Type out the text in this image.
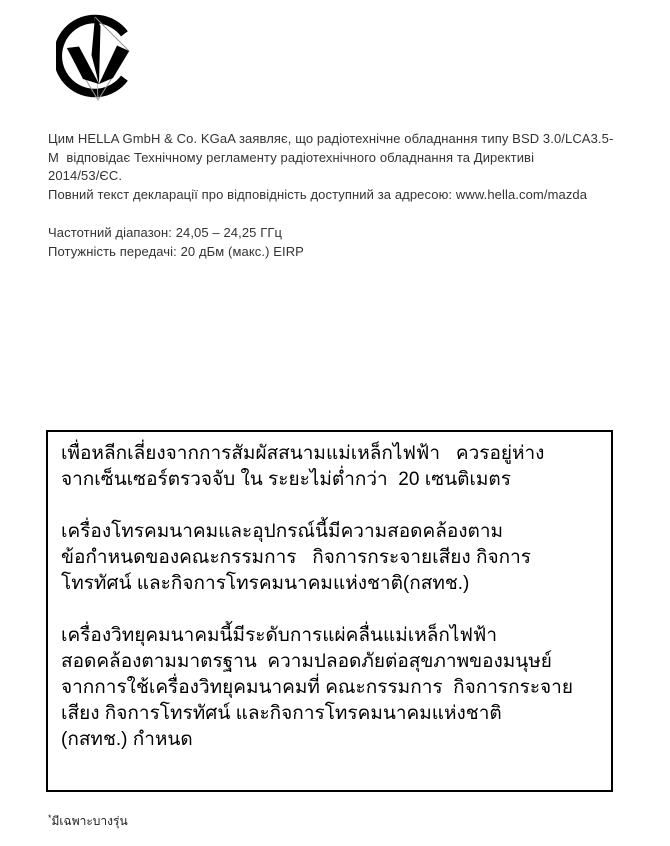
Цим HELLA GmbH & Co. KGaA заявляє, що радіотехнічне обладнання типу BSD 3.0/LCA3.5-
М  відповідає Технічному регламенту радіотехнічного обладнання та Директиві
2014/53/ЄС.
Повний текст декларації про відповідність доступний за адресою: www.hella.com/mazda
Частотний діапазон: 24,05 – 24,25 ГГц
Потужність передачі: 20 дБм (макс.) EIRP
เพื่อหลีกเลี่ยงจากการสัมผัสสนามแม่เหล็กไฟฟ้า   ควรอยู่ห่าง
จากเซ็นเซอร์ตรวจจับ ใน ระยะไม่ต่ำกว่า  20 เซนติเมตร
เครื่องโทรคมนาคมและอุปกรณ์นี้มีความสอดคล้องตาม
ข้อกำหนดของคณะกรรมการ   กิจการกระจายเสียง กิจการ
โทรทัศน์ และกิจการโทรคมนาคมแห่งชาติ(กสทช.)
เครื่องวิทยุคมนาคมนี้มีระดับการแผ่คลื่นแม่เหล็กไฟฟ้า
สอดคล้องตามมาตรฐาน  ความปลอดภัยต่อสุขภาพของมนุษย์
จากการใช้เครื่องวิทยุคมนาคมที่ คณะกรรมการ  กิจการกระจาย
เสียง กิจการโทรทัศน์ และกิจการโทรคมนาคมแห่งชาติ
(กสทช.) กำหนด
*มีเฉพาะบางรุ่น
